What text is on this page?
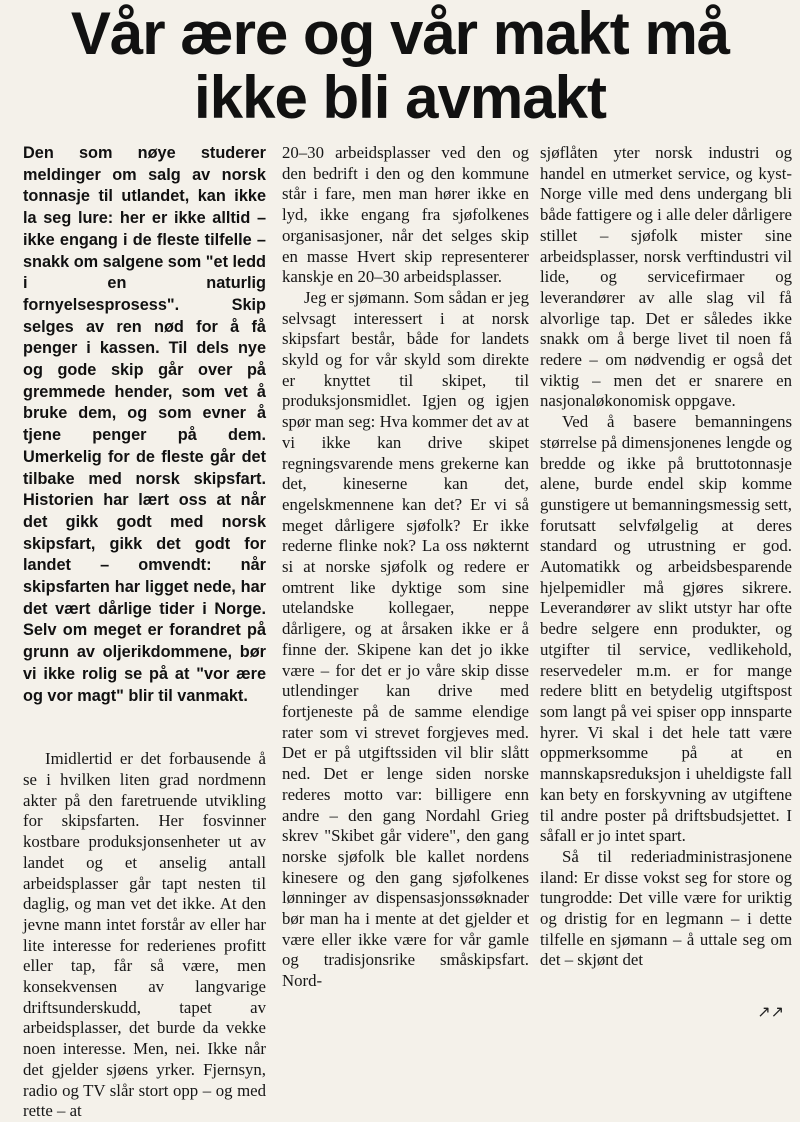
Vår ære og vår makt må
ikke bli avmakt

Den som nøye studerer meldinger om salg av norsk tonnasje til utlandet, kan ikke la seg lure: her er ikke alltid – ikke engang i de fleste tilfelle – snakk om salgene som "et ledd i en naturlig fornyelsesprosess". Skip selges av ren nød for å få penger i kassen. Til dels nye og gode skip går over på gremmede hender, som vet å bruke dem, og som evner å tjene penger på dem. Umerkelig for de fleste går det tilbake med norsk skipsfart. Historien har lært oss at når det gikk godt med norsk skipsfart, gikk det godt for landet – omvendt: når skipsfarten har ligget nede, har det vært dårlige tider i Norge. Selv om meget er forandret på grunn av oljerikdommene, bør vi ikke rolig se på at "vor ære og vor magt" blir til vanmakt.

Imidlertid er det forbausende å se i hvilken liten grad nordmenn akter på den faretruende utvikling for skipsfarten. Her fosvinner kostbare produksjonsenheter ut av landet og et anselig antall arbeidsplasser går tapt nesten til daglig, og man vet det ikke. At den jevne mann intet forstår av eller har lite interesse for rederienes profitt eller tap, får så være, men konsekvensen av langvarige driftsunderskudd, tapet av arbeidsplasser, det burde da vekke noen interesse. Men, nei. Ikke når det gjelder sjøens yrker. Fjernsyn, radio og TV slår stort opp – og med rette – at

20–30 arbeidsplasser ved den og den bedrift i den og den kommune står i fare, men man hører ikke en lyd, ikke engang fra sjøfolkenes organisasjoner, når det selges skip en masse Hvert skip representerer kanskje en 20–30 arbeidsplasser.

Jeg er sjømann. Som sådan er jeg selvsagt interessert i at norsk skipsfart består, både for landets skyld og for vår skyld som direkte er knyttet til skipet, til produksjonsmidlet. Igjen og igjen spør man seg: Hva kommer det av at vi ikke kan drive skipet regningsvarende mens grekerne kan det, kineserne kan det, engelskmennene kan det? Er vi så meget dårligere sjøfolk? Er ikke rederne flinke nok? La oss nøkternt si at norske sjøfolk og redere er omtrent like dyktige som sine utelandske kollegaer, neppe dårligere, og at årsaken ikke er å finne der. Skipene kan det jo ikke være – for det er jo våre skip disse utlendinger kan drive med fortjeneste på de samme elendige rater som vi strevet forgjeves med. Det er på utgiftssiden vil blir slått ned. Det er lenge siden norske rederes motto var: billigere enn andre – den gang Nordahl Grieg skrev "Skibet går videre", den gang norske sjøfolk ble kallet nordens kinesere og den gang sjøfolkenes lønninger av dispensasjonssøknader bør man ha i mente at det gjelder et være eller ikke være for vår gamle og tradisjonsrike småskipsfart. Nord-

sjøflåten yter norsk industri og handel en utmerket service, og kyst-Norge ville med dens undergang bli både fattigere og i alle deler dårligere stillet – sjøfolk mister sine arbeidsplasser, norsk verftindustri vil lide, og servicefirmaer og leverandører av alle slag vil få alvorlige tap. Det er således ikke snakk om å berge livet til noen få redere – om nødvendig er også det viktig – men det er snarere en nasjonaløkonomisk oppgave.

Ved å basere bemanningens størrelse på dimensjonenes lengde og bredde og ikke på bruttotonnasje alene, burde endel skip komme gunstigere ut bemanningsmessig sett, forutsatt selvfølgelig at deres standard og utrustning er god. Automatikk og arbeidsbesparende hjelpemidler må gjøres sikrere. Leverandører av slikt utstyr har ofte bedre selgere enn produkter, og utgifter til service, vedlikehold, reservedeler m.m. er for mange redere blitt en betydelig utgiftspost som langt på vei spiser opp innsparte hyrer. Vi skal i det hele tatt være oppmerksomme på at en mannskapsreduksjon i uheldigste fall kan bety en forskyvning av utgiftene til andre poster på driftsbudsjettet. I såfall er jo intet spart.

Så til rederiadministrasjonene iland: Er disse vokst seg for store og tungrodde: Det ville være for uriktig og dristig for en legmann – i dette tilfelle en sjømann – å uttale seg om det – skjønt det

↗↗
